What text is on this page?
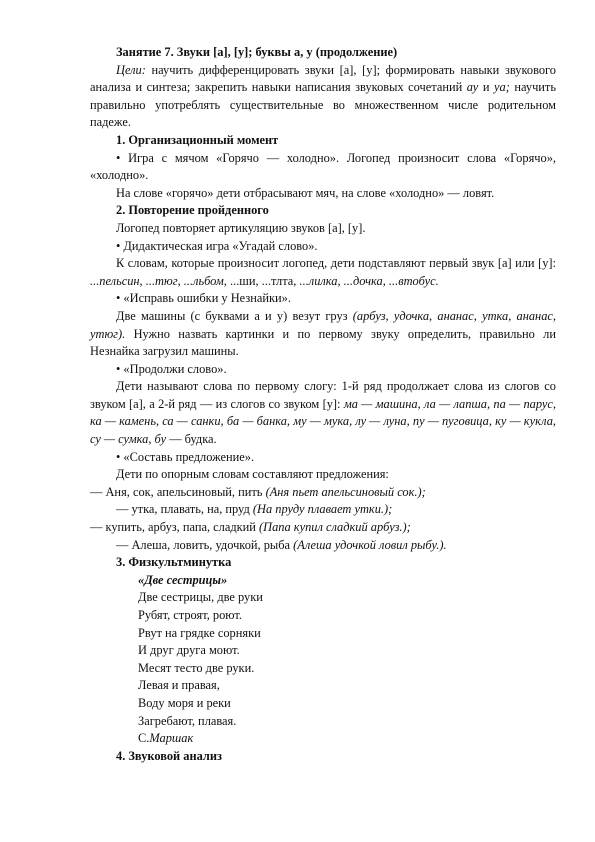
Занятие 7. Звуки [а], [у]; буквы а, у (продолжение)

Цели: научить дифференцировать звуки [а], [у]; формировать навыки звукового анализа и синтеза; закрепить навыки написания звуковых сочетаний ау и уа; научить правильно употреблять существительные во множественном числе родительном падеже.

1. Организационный момент

• Игра с мячом «Горячо — холодно». Логопед произносит слова «Горячо», «холодно».

На слове «горячо» дети отбрасывают мяч, на слове «холодно» — ловят.

2. Повторение пройденного

Логопед повторяет артикуляцию звуков [а], [у].

• Дидактическая игра «Угадай слово».

К словам, которые произносит логопед, дети подставляют первый звук [а] или [у]: ...пельсин, ...тюг, ...льбом, ...ши, ...тлта, ...лилка, ...дочка, ...втобус.

• «Исправь ошибки у Незнайки».

Две машины (с буквами а и у) везут груз (арбуз, удочка, ананас, утка, ананас, утюг). Нужно назвать картинки и по первому звуку определить, правильно ли Незнайка загрузил машины.

• «Продолжи слово».

Дети называют слова по первому слогу: 1-й ряд продолжает слова из слогов со звуком [а], а 2-й ряд — из слогов со звуком [у]: ма — машина, ла — лапша, па — парус, ка — камень, са — санки, ба — банка, му — мука, лу — луна, пу — пуговица, ку — кукла, су — сумка, бу — будка.

• «Составь предложение».

Дети по опорным словам составляют предложения:

— Аня, сок, апельсиновый, пить (Аня пьет апельсиновый сок.);

— утка, плавать, на, пруд (На пруду плавает утки.);

— купить, арбуз, папа, сладкий (Папа купил сладкий арбуз.);

— Алеша, ловить, удочкой, рыба (Алеша удочкой ловил рыбу.).

3. Физкультминутка

«Две сестрицы»

Две сестрицы, две руки

Рубят, строят, роют.

Рвут на грядке сорняки

И друг друга моют.

Месят тесто две руки.

Левая и правая,

Воду моря и реки

Загребают, плавая.

С.Маршак

4. Звуковой анализ
